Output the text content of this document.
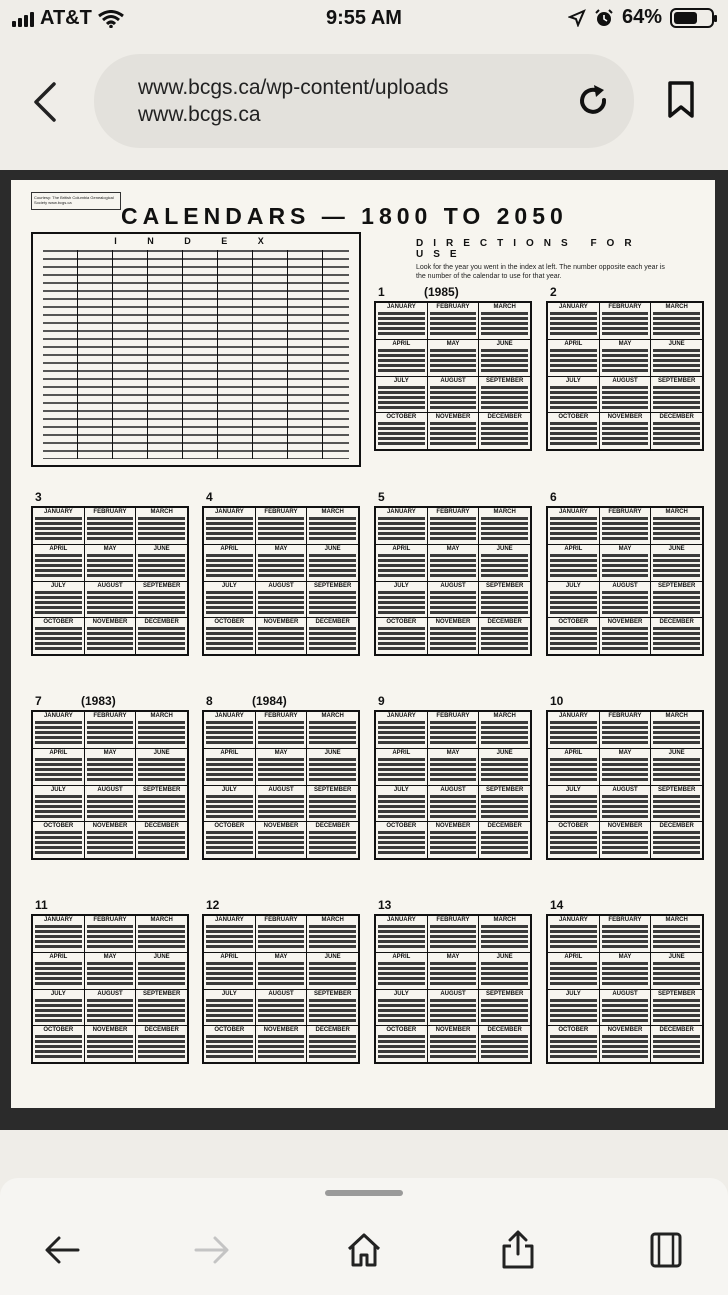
AT&T	9:55 AM	64%
www.bcgs.ca/wp-content/uploads
www.bcgs.ca
Courtesy: The British Columbia Genealogical Society www.bcgs.ca
CALENDARS — 1800 TO 2050
I N D E X	DIRECTIONS FOR USE
Look for the year you went in the index at left. The number opposite each year is the number of the calendar to use for that year.
1	(1985)
JANUARY	FEBRUARY	MARCH
APRIL	MAY	JUNE
JULY	AUGUST	SEPTEMBER
OCTOBER	NOVEMBER	DECEMBER
2
JANUARY	FEBRUARY	MARCH
APRIL	MAY	JUNE
JULY	AUGUST	SEPTEMBER
OCTOBER	NOVEMBER	DECEMBER
3
JANUARY	FEBRUARY	MARCH
APRIL	MAY	JUNE
JULY	AUGUST	SEPTEMBER
OCTOBER	NOVEMBER	DECEMBER
4
JANUARY	FEBRUARY	MARCH
APRIL	MAY	JUNE
JULY	AUGUST	SEPTEMBER
OCTOBER	NOVEMBER	DECEMBER
5
JANUARY	FEBRUARY	MARCH
APRIL	MAY	JUNE
JULY	AUGUST	SEPTEMBER
OCTOBER	NOVEMBER	DECEMBER
6
JANUARY	FEBRUARY	MARCH
APRIL	MAY	JUNE
JULY	AUGUST	SEPTEMBER
OCTOBER	NOVEMBER	DECEMBER
7	(1983)
JANUARY	FEBRUARY	MARCH
APRIL	MAY	JUNE
JULY	AUGUST	SEPTEMBER
OCTOBER	NOVEMBER	DECEMBER
8	(1984)
JANUARY	FEBRUARY	MARCH
APRIL	MAY	JUNE
JULY	AUGUST	SEPTEMBER
OCTOBER	NOVEMBER	DECEMBER
9
JANUARY	FEBRUARY	MARCH
APRIL	MAY	JUNE
JULY	AUGUST	SEPTEMBER
OCTOBER	NOVEMBER	DECEMBER
10
JANUARY	FEBRUARY	MARCH
APRIL	MAY	JUNE
JULY	AUGUST	SEPTEMBER
OCTOBER	NOVEMBER	DECEMBER
11
JANUARY	FEBRUARY	MARCH
APRIL	MAY	JUNE
JULY	AUGUST	SEPTEMBER
OCTOBER	NOVEMBER	DECEMBER
12
JANUARY	FEBRUARY	MARCH
APRIL	MAY	JUNE
JULY	AUGUST	SEPTEMBER
OCTOBER	NOVEMBER	DECEMBER
13
JANUARY	FEBRUARY	MARCH
APRIL	MAY	JUNE
JULY	AUGUST	SEPTEMBER
OCTOBER	NOVEMBER	DECEMBER
14
JANUARY	FEBRUARY	MARCH
APRIL	MAY	JUNE
JULY	AUGUST	SEPTEMBER
OCTOBER	NOVEMBER	DECEMBER
